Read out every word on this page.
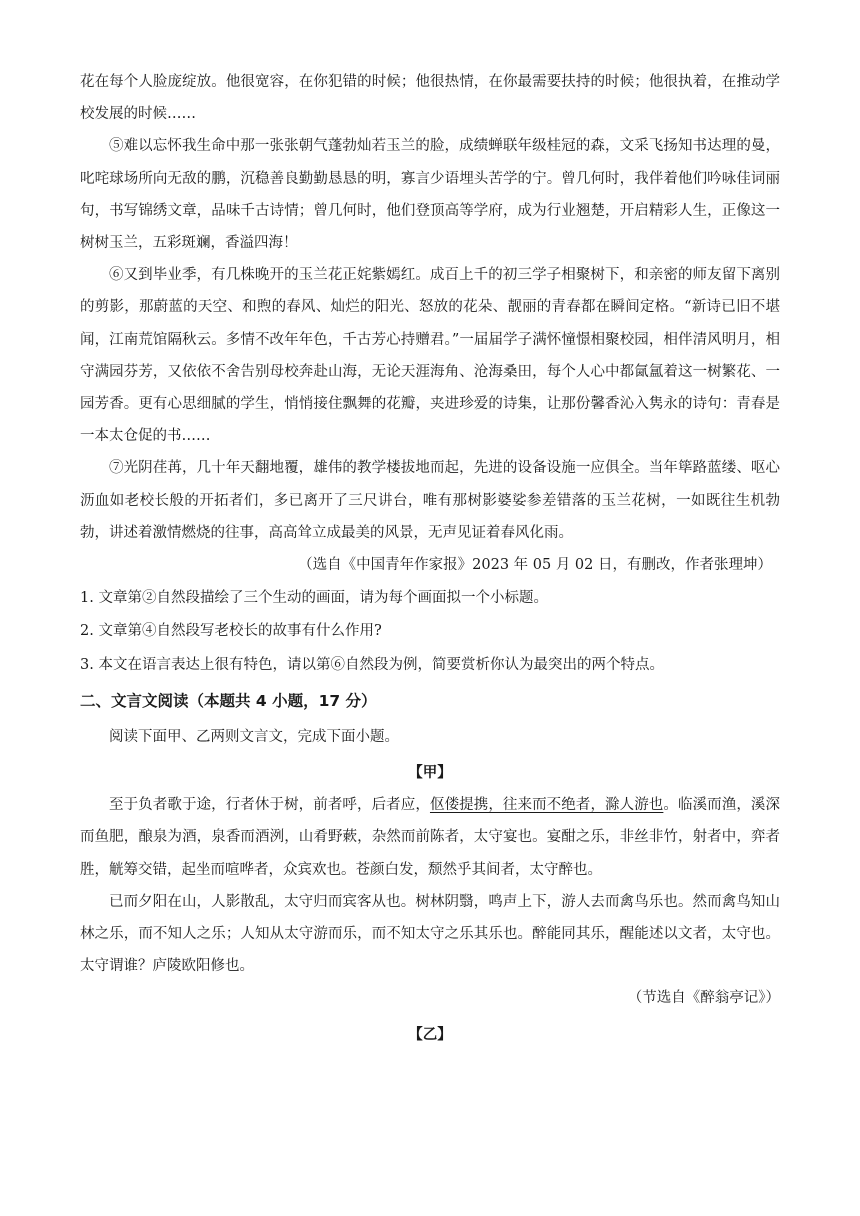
花在每个人脸庞绽放。他很宽容，在你犯错的时候；他很热情，在你最需要扶持的时候；他很执着，在推动学校发展的时候……

⑤难以忘怀我生命中那一张张朝气蓬勃灿若玉兰的脸，成绩蝉联年级桂冠的森，文采飞扬知书达理的曼， 叱咤球场所向无敌的鹏，沉稳善良勤勤恳恳的明，寡言少语埋头苦学的宁。曾几何时，我伴着他们吟咏佳词丽句，书写锦绣文章，品味千古诗情；曾几何时，他们登顶高等学府，成为行业翘楚，开启精彩人生，正像这一树树玉兰，五彩斑斓，香溢四海！

⑥又到毕业季，有几株晚开的玉兰花正姹紫嫣红。成百上千的初三学子相聚树下，和亲密的师友留下离别的剪影，那蔚蓝的天空、和煦的春风、灿烂的阳光、怒放的花朵、靓丽的青春都在瞬间定格。“新诗已旧不堪闻，江南荒馆隔秋云。多情不改年年色，千古芳心持赠君。”一届届学子满怀憧憬相聚校园，相伴清风明月，相守满园芬芳，又依依不舍告别母校奔赴山海，无论天涯海角、沧海桑田，每个人心中都氤氲着这一树繁花、一园芳香。更有心思细腻的学生，悄悄接住飘舞的花瓣，夹进珍爱的诗集，让那份馨香沁入隽永的诗句：青春是一本太仓促的书……

⑦光阴荏苒，几十年天翻地覆，雄伟的教学楼拔地而起，先进的设备设施一应俱全。当年筚路蓝缕、呕心沥血如老校长般的开拓者们，多已离开了三尺讲台，唯有那树影婆娑参差错落的玉兰花树，一如既往生机勃勃，讲述着激情燃烧的往事，高高耸立成最美的风景，无声见证着春风化雨。

（选自《中国青年作家报》2023 年 05 月 02 日，有删改，作者张理坤）

1. 文章第②自然段描绘了三个生动的画面，请为每个画面拟一个小标题。

2. 文章第④自然段写老校长的故事有什么作用?

3. 本文在语言表达上很有特色，请以第⑥自然段为例，简要赏析你认为最突出的两个特点。

二、文言文阅读（本题共 4 小题，17 分）

阅读下面甲、乙两则文言文，完成下面小题。

【甲】

至于负者歌于途，行者休于树，前者呼，后者应，伛偻提携，往来而不绝者，滁人游也。临溪而渔，溪深而鱼肥，酿泉为酒，泉香而酒洌，山肴野蔌，杂然而前陈者，太守宴也。宴酣之乐，非丝非竹，射者中，弈者胜，觥筹交错，起坐而喧哗者，众宾欢也。苍颜白发，颓然乎其间者，太守醉也。

已而夕阳在山，人影散乱，太守归而宾客从也。树林阴翳，鸣声上下，游人去而禽鸟乐也。然而禽鸟知山林之乐，而不知人之乐；人知从太守游而乐，而不知太守之乐其乐也。醉能同其乐，醒能述以文者，太守也。太守谓谁？庐陵欧阳修也。

（节选自《醉翁亭记》）

【乙】
